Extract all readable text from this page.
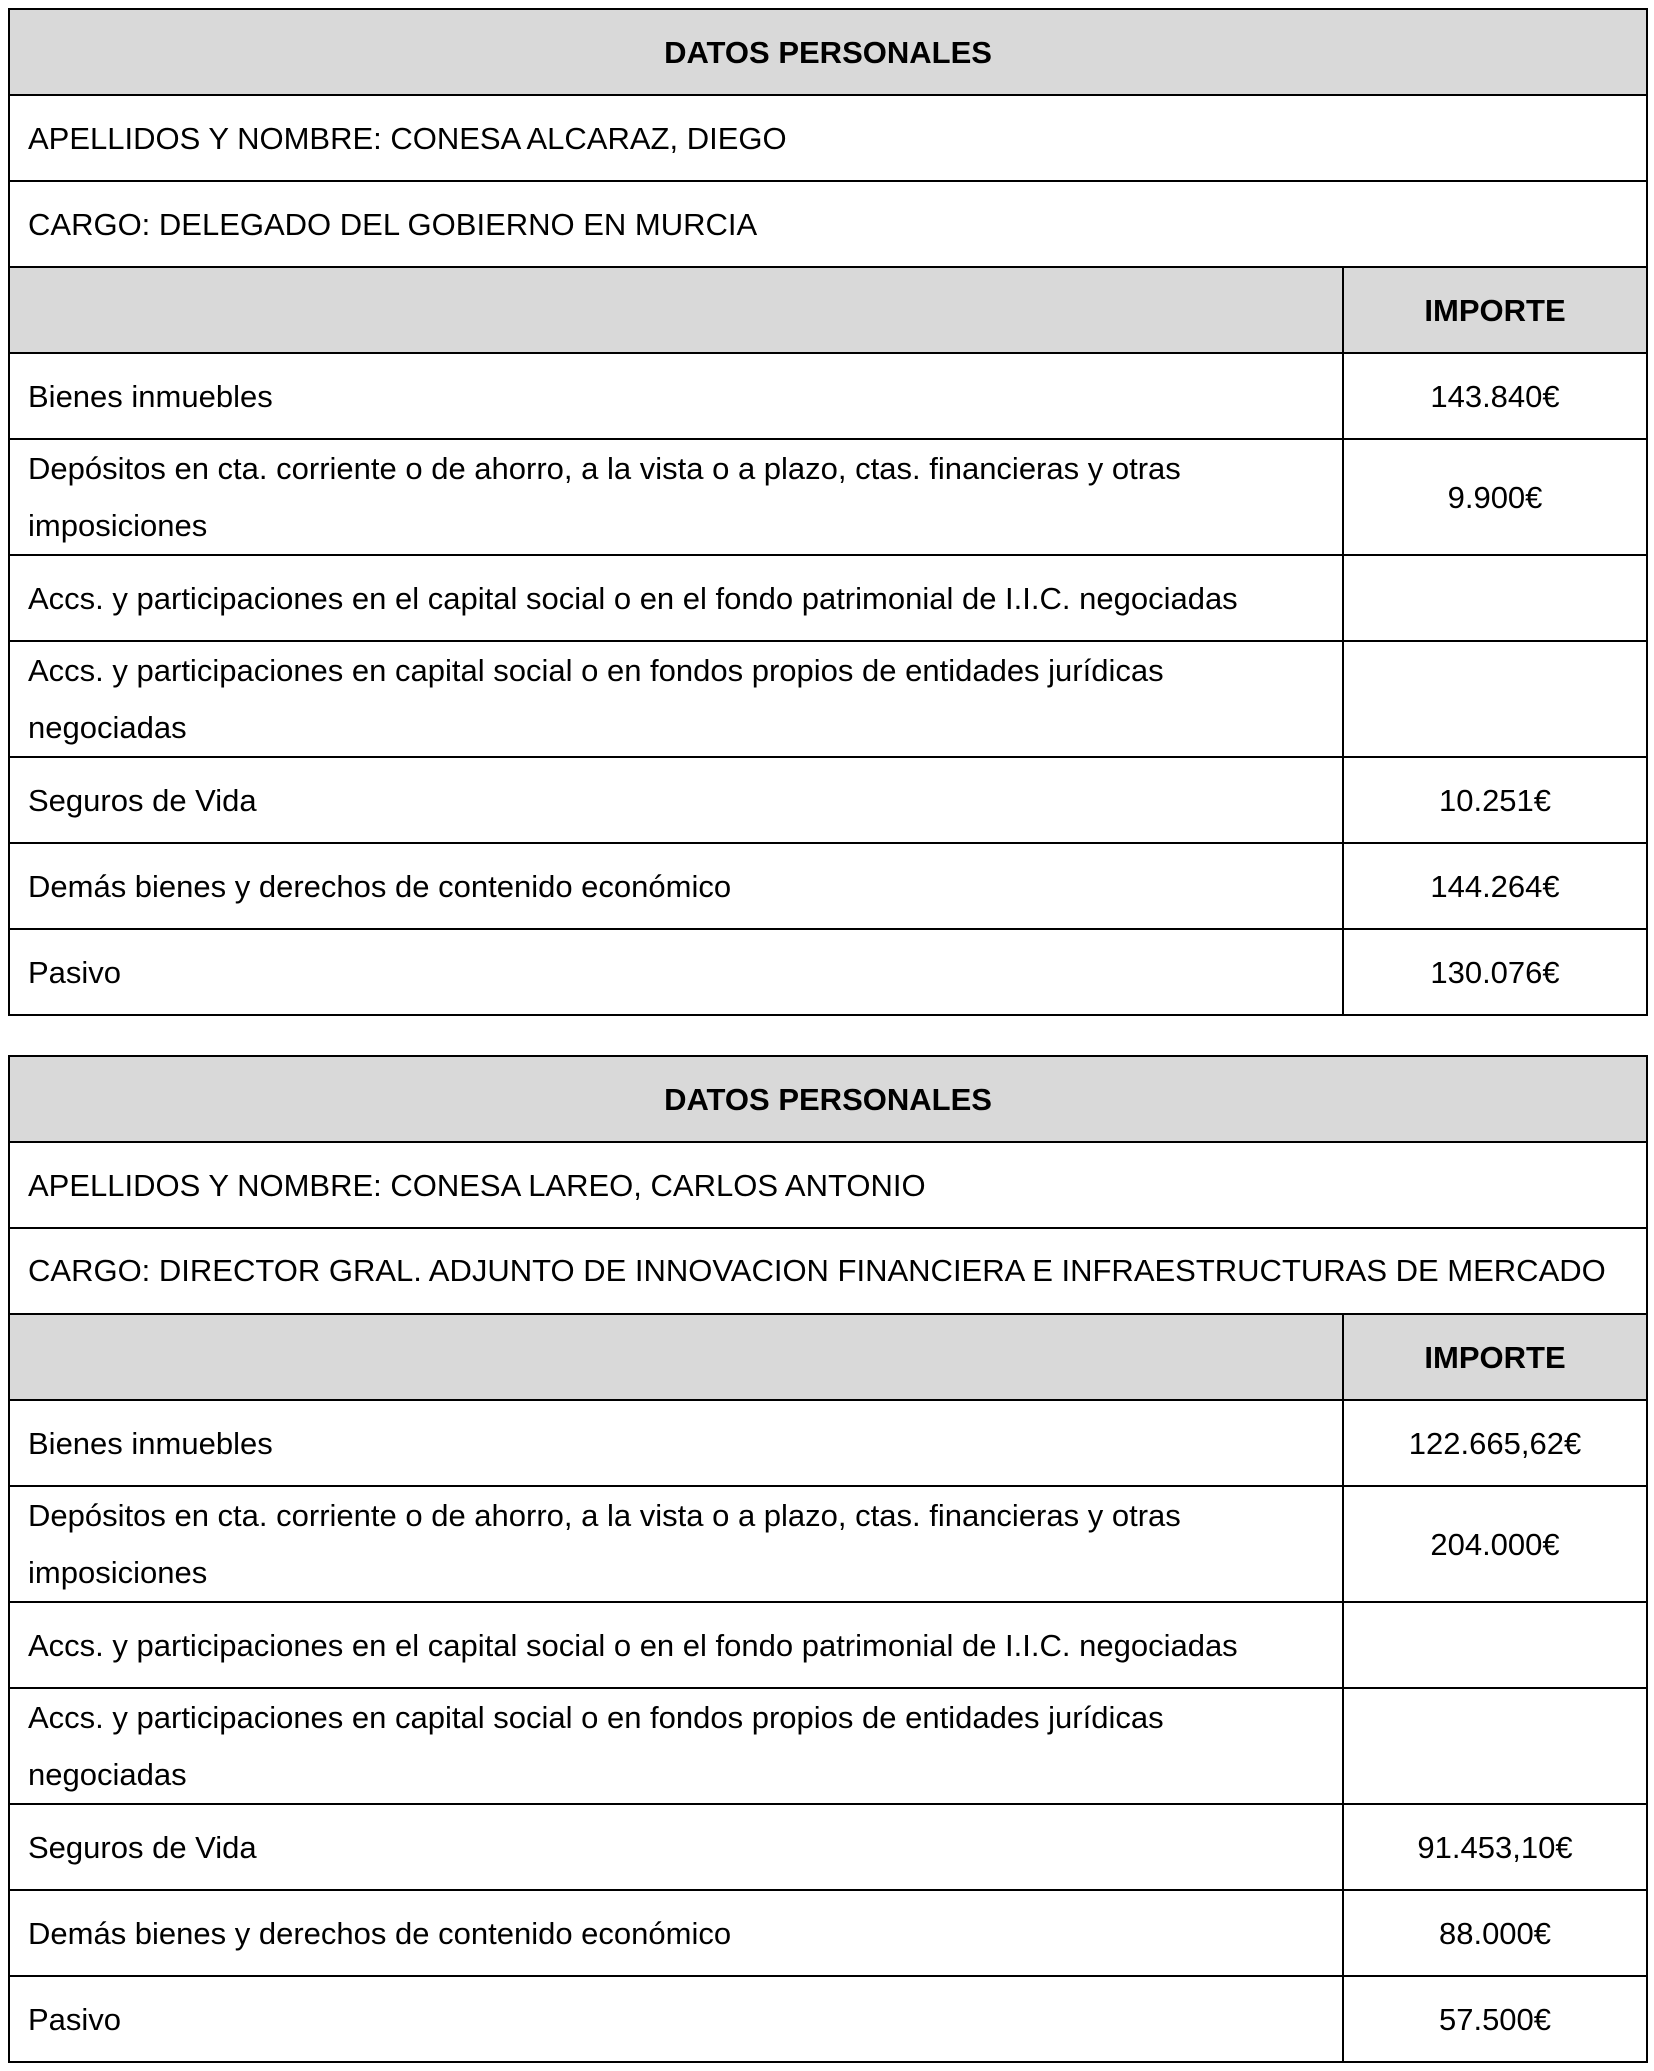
DATOS PERSONALES	
APELLIDOS Y NOMBRE: CONESA ALCARAZ, DIEGO	
CARGO: DELEGADO DEL GOBIERNO EN MURCIA	
	IMPORTE
Bienes inmuebles	143.840€
Depósitos en cta. corriente o de ahorro, a la vista o a plazo, ctas. financieras y otras imposiciones	9.900€
Accs. y participaciones en el capital social o en el fondo patrimonial de I.I.C. negociadas	
Accs. y participaciones en capital social o en fondos propios de entidades jurídicas negociadas	
Seguros de Vida	10.251€
Demás bienes y derechos de contenido económico	144.264€
Pasivo	130.076€
DATOS PERSONALES	
APELLIDOS Y NOMBRE: CONESA LAREO, CARLOS ANTONIO	
CARGO: DIRECTOR GRAL. ADJUNTO DE INNOVACION FINANCIERA E INFRAESTRUCTURAS DE MERCADO	
	IMPORTE
Bienes inmuebles	122.665,62€
Depósitos en cta. corriente o de ahorro, a la vista o a plazo, ctas. financieras y otras imposiciones	204.000€
Accs. y participaciones en el capital social o en el fondo patrimonial de I.I.C. negociadas	
Accs. y participaciones en capital social o en fondos propios de entidades jurídicas negociadas	
Seguros de Vida	91.453,10€
Demás bienes y derechos de contenido económico	88.000€
Pasivo	57.500€
